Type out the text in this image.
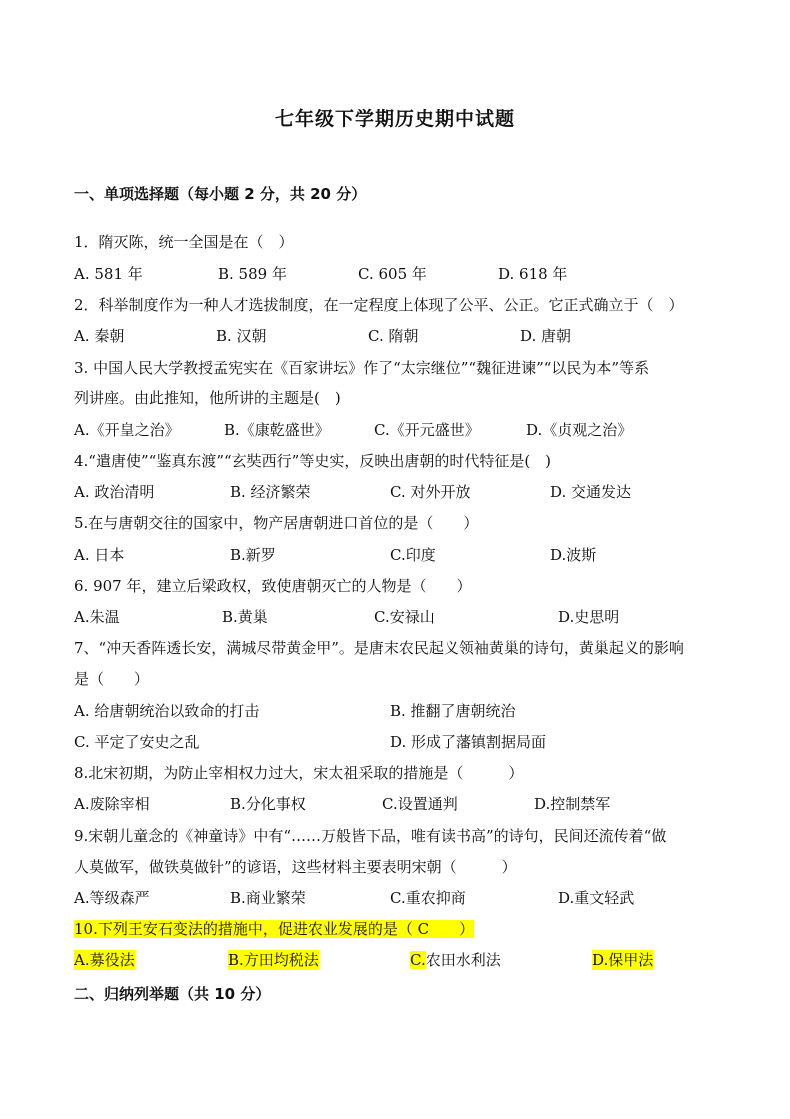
七年级下学期历史期中试题
一、单项选择题（每小题 2 分，共 20 分）
1．隋灭陈，统一全国是在（　）
A. 581 年	B. 589 年	C. 605 年	D. 618 年
2．科举制度作为一种人才选拔制度，在一定程度上体现了公平、公正。它正式确立于（　）
A. 秦朝	B. 汉朝	C. 隋朝	D. 唐朝
3. 中国人民大学教授孟宪实在《百家讲坛》作了“太宗继位”“魏征进谏”“以民为本”等系
列讲座。由此推知，他所讲的主题是(　)
A.《开皇之治》	B.《康乾盛世》	C.《开元盛世》	D.《贞观之治》
4.“遣唐使”“鉴真东渡”“玄奘西行”等史实，反映出唐朝的时代特征是(　)
A. 政治清明	B. 经济繁荣	C. 对外开放	D. 交通发达
5.在与唐朝交往的国家中，物产居唐朝进口首位的是（　　）
A. 日本	B.新罗	C.印度	D.波斯
6. 907 年，建立后梁政权，致使唐朝灭亡的人物是（　　）
A.朱温	B.黄巢	C.安禄山	D.史思明
7、“冲天香阵透长安，满城尽带黄金甲”。是唐末农民起义领袖黄巢的诗句，黄巢起义的影响
是（　　）
A. 给唐朝统治以致命的打击	B. 推翻了唐朝统治
C. 平定了安史之乱	D. 形成了藩镇割据局面
8.北宋初期，为防止宰相权力过大，宋太祖采取的措施是（　　　）
A.废除宰相	B.分化事权	C.设置通判	D.控制禁军
9.宋朝儿童念的《神童诗》中有“……万般皆下品，唯有读书高”的诗句，民间还流传着“做
人莫做军，做铁莫做针”的谚语，这些材料主要表明宋朝（　　　）
A.等级森严	B.商业繁荣	C.重农抑商	D.重文轻武
10.下列王安石变法的措施中，促进农业发展的是（ C　　）
A.募役法	B.方田均税法	C.农田水利法	D.保甲法
二、归纳列举题（共 10 分）
